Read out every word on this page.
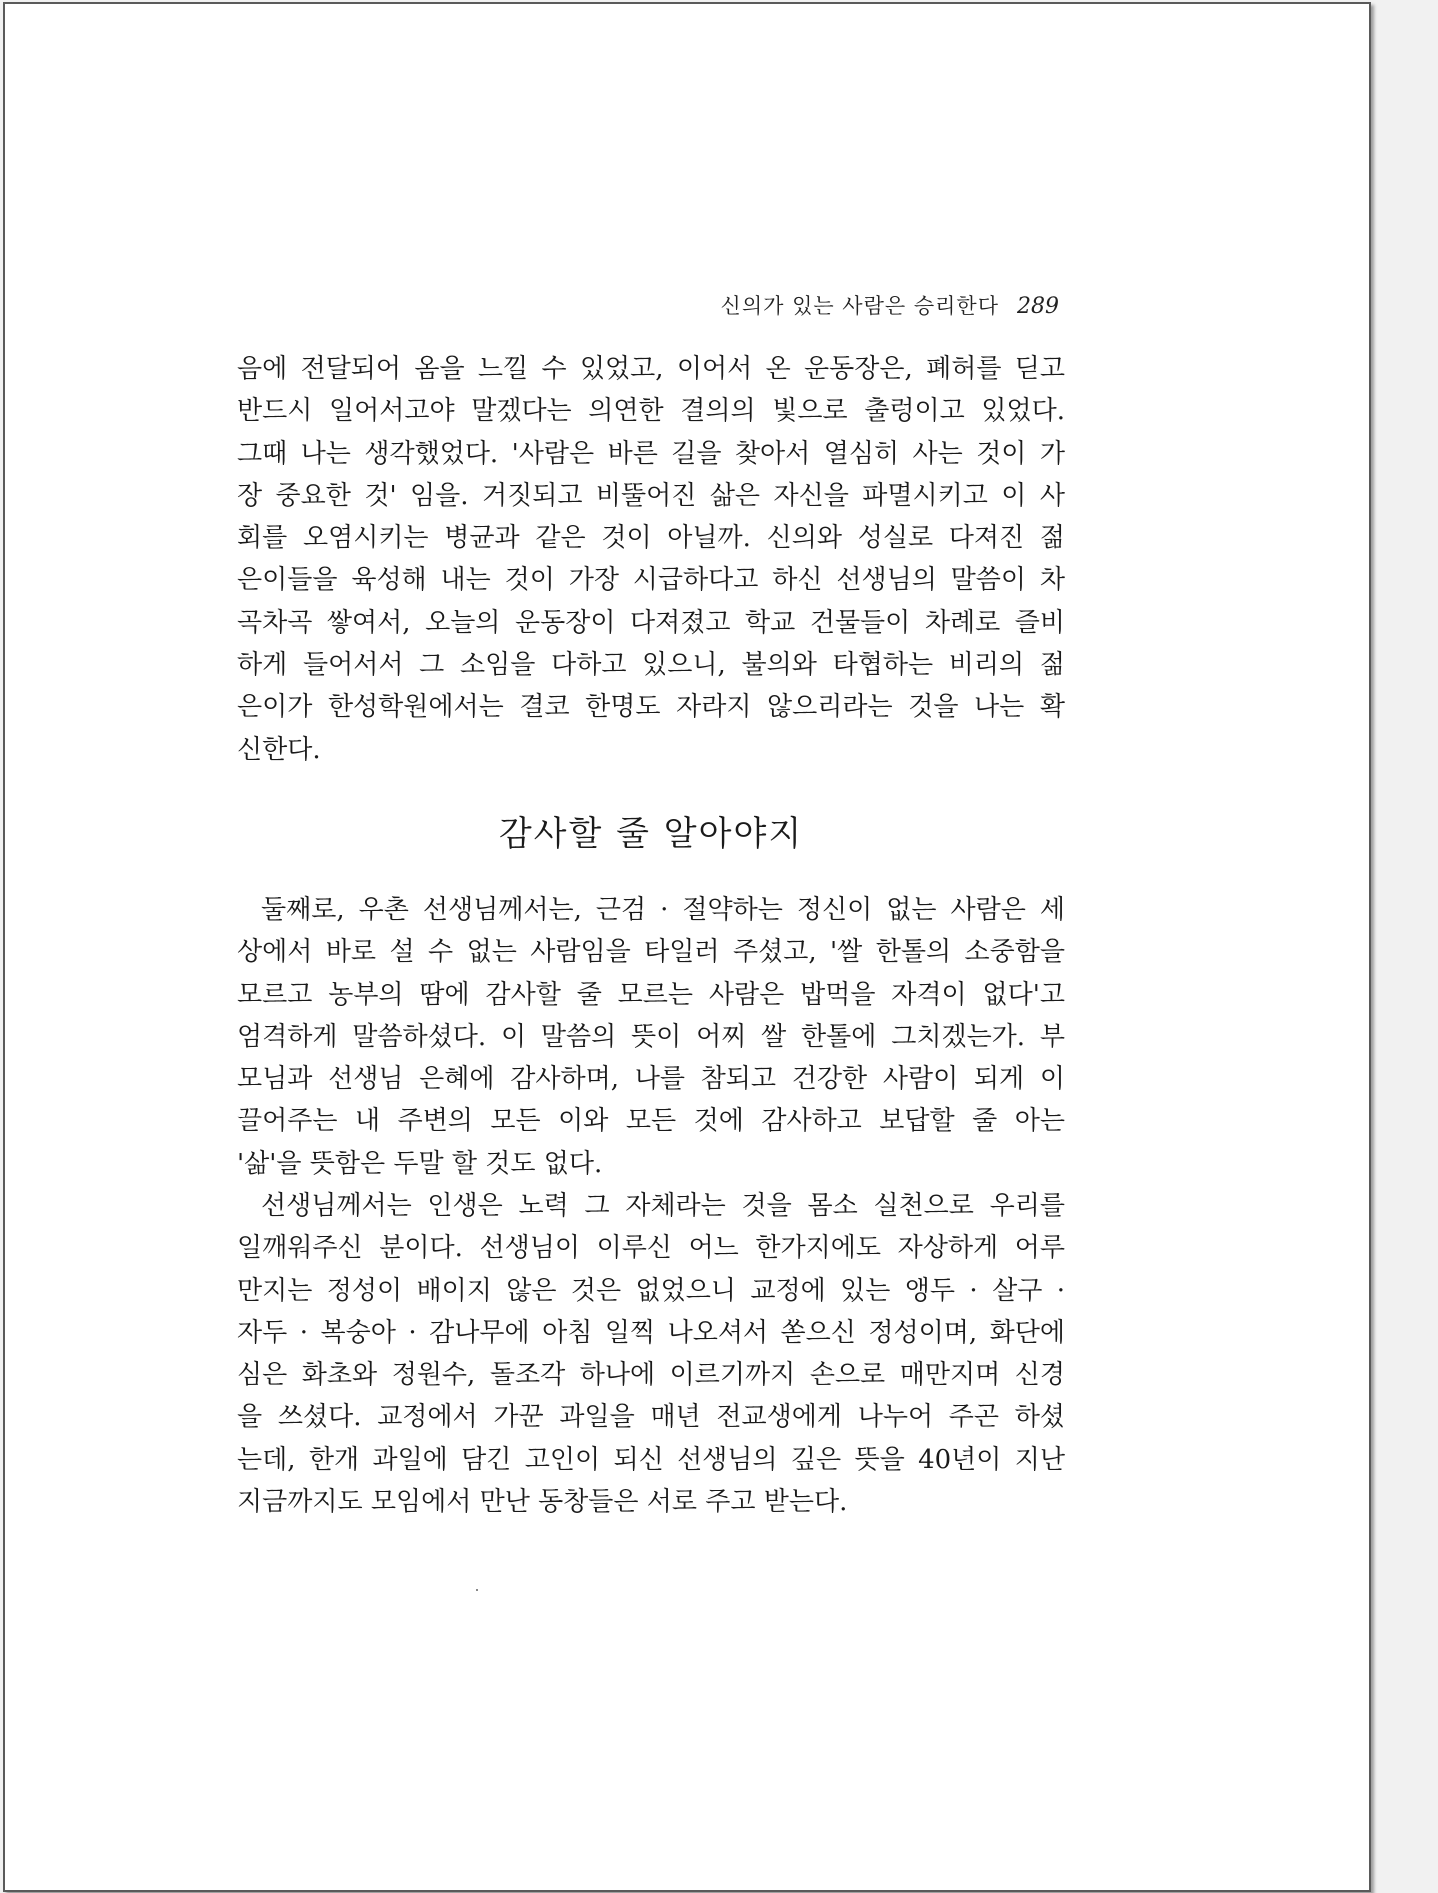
신의가 있는 사람은 승리한다 289
음에 전달되어 옴을 느낄 수 있었고, 이어서 온 운동장은, 폐허를 딛고
반드시 일어서고야 말겠다는 의연한 결의의 빛으로 출렁이고 있었다.
그때 나는 생각했었다. '사람은 바른 길을 찾아서 열심히 사는 것이 가
장 중요한 것' 임을. 거짓되고 비뚤어진 삶은 자신을 파멸시키고 이 사
회를 오염시키는 병균과 같은 것이 아닐까. 신의와 성실로 다져진 젊
은이들을 육성해 내는 것이 가장 시급하다고 하신 선생님의 말씀이 차
곡차곡 쌓여서, 오늘의 운동장이 다져졌고 학교 건물들이 차례로 즐비
하게 들어서서 그 소임을 다하고 있으니, 불의와 타협하는 비리의 젊
은이가 한성학원에서는 결코 한명도 자라지 않으리라는 것을 나는 확
신한다.
감사할 줄 알아야지
둘째로, 우촌 선생님께서는, 근검 · 절약하는 정신이 없는 사람은 세
상에서 바로 설 수 없는 사람임을 타일러 주셨고, '쌀 한톨의 소중함을
모르고 농부의 땀에 감사할 줄 모르는 사람은 밥먹을 자격이 없다'고
엄격하게 말씀하셨다. 이 말씀의 뜻이 어찌 쌀 한톨에 그치겠는가. 부
모님과 선생님 은혜에 감사하며, 나를 참되고 건강한 사람이 되게 이
끌어주는 내 주변의 모든 이와 모든 것에 감사하고 보답할 줄 아는
'삶'을 뜻함은 두말 할 것도 없다.
선생님께서는 인생은 노력 그 자체라는 것을 몸소 실천으로 우리를
일깨워주신 분이다. 선생님이 이루신 어느 한가지에도 자상하게 어루
만지는 정성이 배이지 않은 것은 없었으니 교정에 있는 앵두 · 살구 ·
자두 · 복숭아 · 감나무에 아침 일찍 나오셔서 쏟으신 정성이며, 화단에
심은 화초와 정원수, 돌조각 하나에 이르기까지 손으로 매만지며 신경
을 쓰셨다. 교정에서 가꾼 과일을 매년 전교생에게 나누어 주곤 하셨
는데, 한개 과일에 담긴 고인이 되신 선생님의 깊은 뜻을 40년이 지난
지금까지도 모임에서 만난 동창들은 서로 주고 받는다.
